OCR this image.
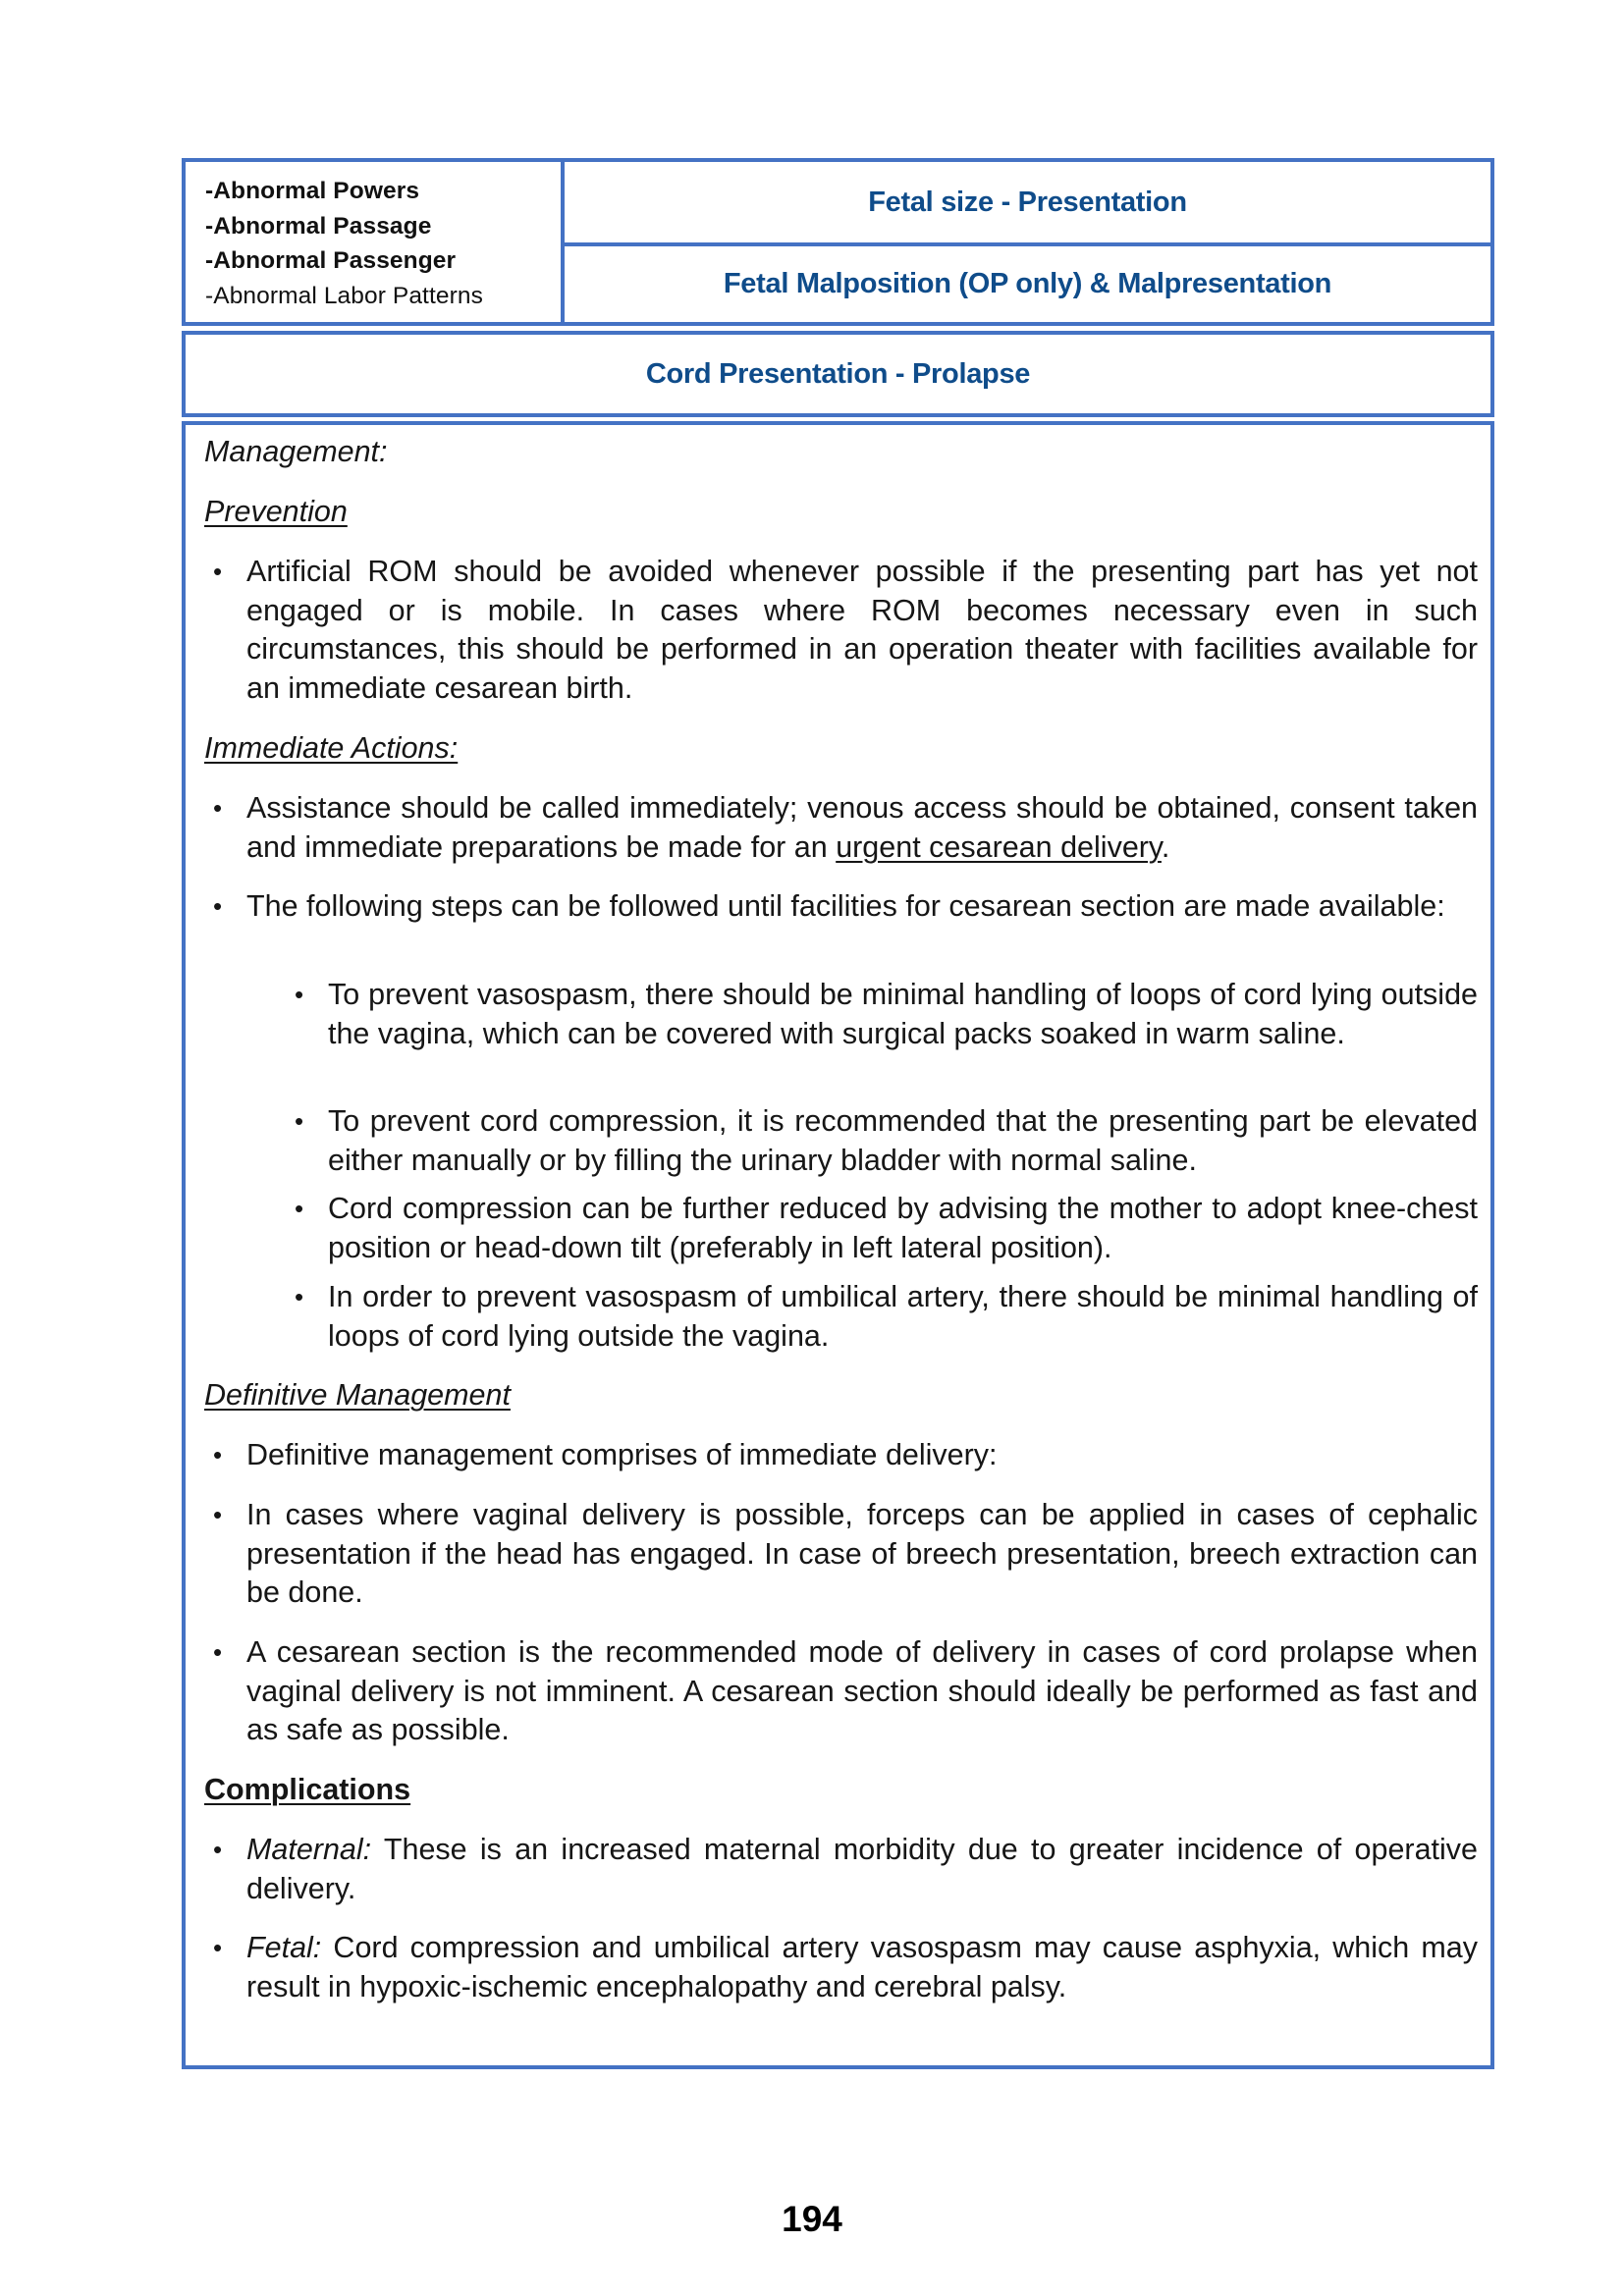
-Abnormal Powers
-Abnormal Passage
-Abnormal Passenger
-Abnormal Labor Patterns
Fetal size - Presentation
Fetal Malposition (OP only) & Malpresentation
Cord Presentation - Prolapse
Management:
Prevention
• Artificial ROM should be avoided whenever possible if the presenting part has yet not engaged or is mobile. In cases where ROM becomes necessary even in such circumstances, this should be performed in an operation theater with facilities available for an immediate cesarean birth.
Immediate Actions:
• Assistance should be called immediately; venous access should be obtained, consent taken and immediate preparations be made for an urgent cesarean delivery.
• The following steps can be followed until facilities for cesarean section are made available:
• To prevent vasospasm, there should be minimal handling of loops of cord lying outside the vagina, which can be covered with surgical packs soaked in warm saline.
• To prevent cord compression, it is recommended that the presenting part be elevated either manually or by filling the urinary bladder with normal saline.
• Cord compression can be further reduced by advising the mother to adopt knee-chest position or head-down tilt (preferably in left lateral position).
• In order to prevent vasospasm of umbilical artery, there should be minimal handling of loops of cord lying outside the vagina.
Definitive Management
• Definitive management comprises of immediate delivery:
• In cases where vaginal delivery is possible, forceps can be applied in cases of cephalic presentation if the head has engaged. In case of breech presentation, breech extraction can be done.
• A cesarean section is the recommended mode of delivery in cases of cord prolapse when vaginal delivery is not imminent. A cesarean section should ideally be performed as fast and as safe as possible.
Complications
• Maternal: These is an increased maternal morbidity due to greater incidence of operative delivery.
• Fetal: Cord compression and umbilical artery vasospasm may cause asphyxia, which may result in hypoxic-ischemic encephalopathy and cerebral palsy.
194
